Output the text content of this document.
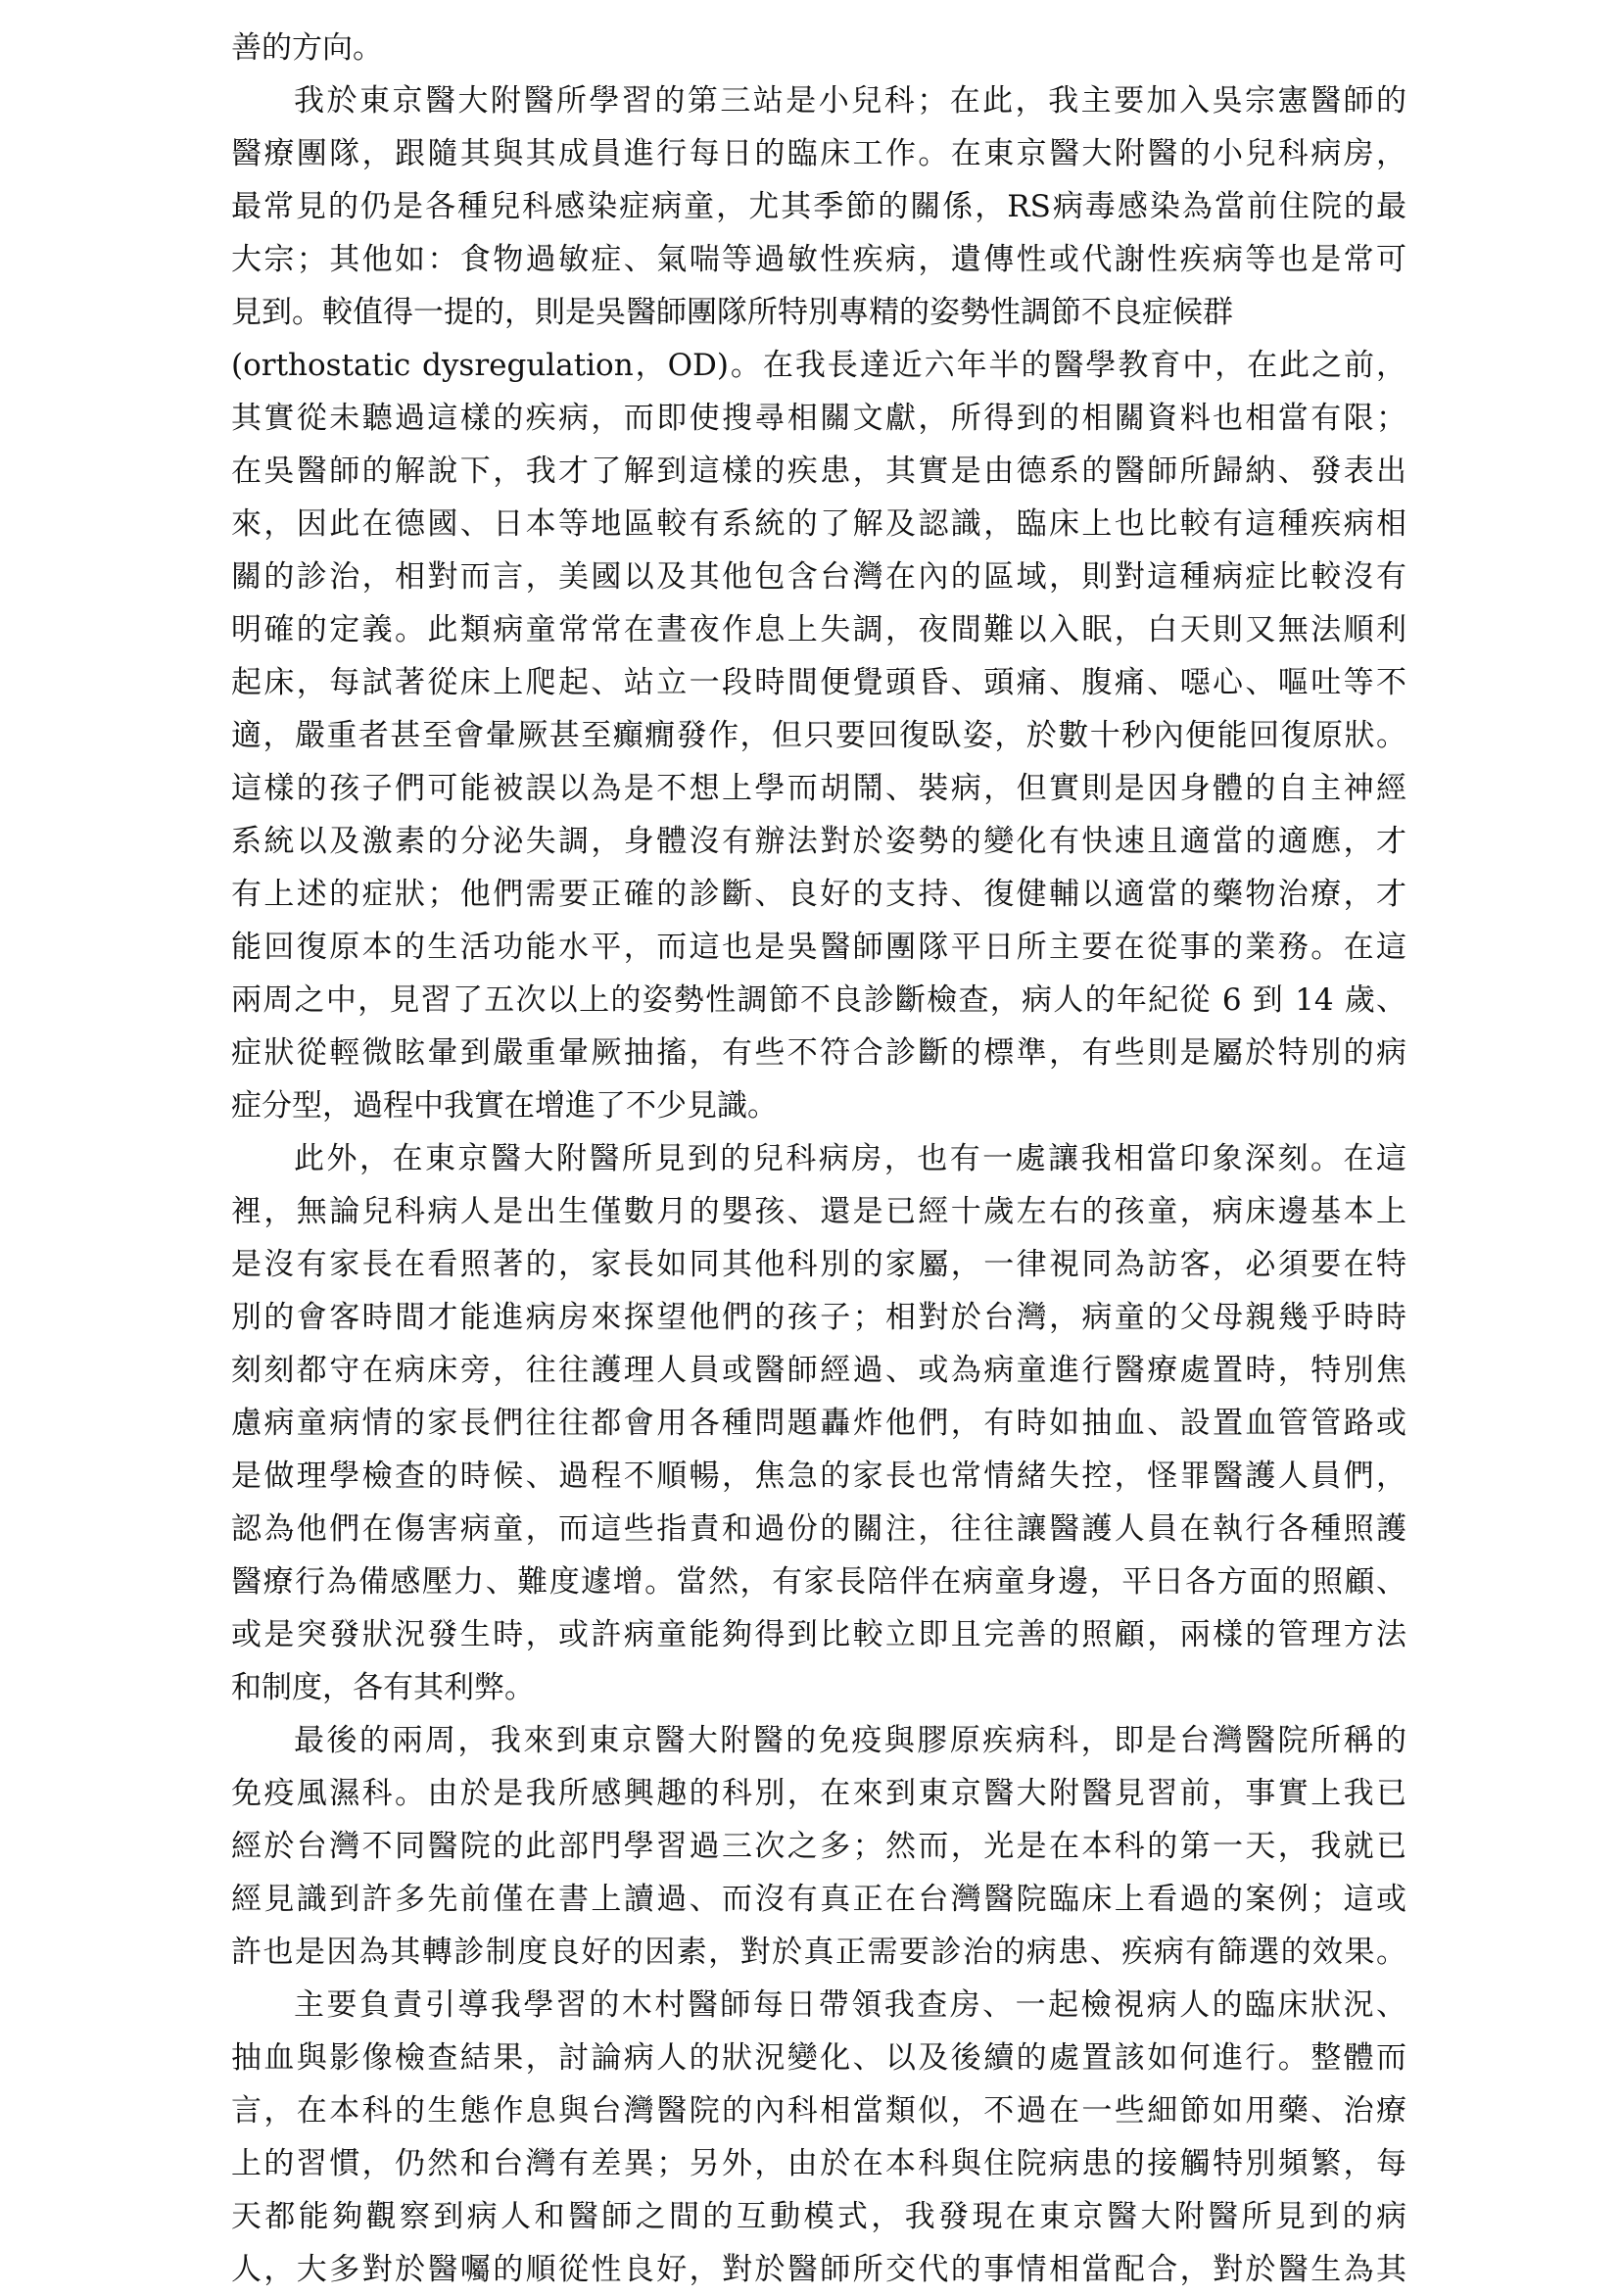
善的方向。

我於東京醫大附醫所學習的第三站是小兒科；在此，我主要加入吳宗憲醫師的

醫療團隊，跟隨其與其成員進行每日的臨床工作。在東京醫大附醫的小兒科病房，

最常見的仍是各種兒科感染症病童，尤其季節的關係，RS病毒感染為當前住院的最

大宗；其他如：食物過敏症、氣喘等過敏性疾病，遺傳性或代謝性疾病等也是常可

見到。較值得一提的，則是吳醫師團隊所特別專精的姿勢性調節不良症候群

(orthostatic dysregulation，OD)。在我長達近六年半的醫學教育中，在此之前，

其實從未聽過這樣的疾病，而即使搜尋相關文獻，所得到的相關資料也相當有限；

在吳醫師的解說下，我才了解到這樣的疾患，其實是由德系的醫師所歸納、發表出

來，因此在德國、日本等地區較有系統的了解及認識，臨床上也比較有這種疾病相

關的診治，相對而言，美國以及其他包含台灣在內的區域，則對這種病症比較沒有

明確的定義。此類病童常常在晝夜作息上失調，夜間難以入眠，白天則又無法順利

起床，每試著從床上爬起、站立一段時間便覺頭昏、頭痛、腹痛、噁心、嘔吐等不

適，嚴重者甚至會暈厥甚至癲癇發作，但只要回復臥姿，於數十秒內便能回復原狀。

這樣的孩子們可能被誤以為是不想上學而胡鬧、裝病，但實則是因身體的自主神經

系統以及激素的分泌失調，身體沒有辦法對於姿勢的變化有快速且適當的適應，才

有上述的症狀；他們需要正確的診斷、良好的支持、復健輔以適當的藥物治療，才

能回復原本的生活功能水平，而這也是吳醫師團隊平日所主要在從事的業務。在這

兩周之中，見習了五次以上的姿勢性調節不良診斷檢查，病人的年紀從 6 到 14 歲、

症狀從輕微眩暈到嚴重暈厥抽搐，有些不符合診斷的標準，有些則是屬於特別的病

症分型，過程中我實在增進了不少見識。

此外，在東京醫大附醫所見到的兒科病房，也有一處讓我相當印象深刻。在這

裡，無論兒科病人是出生僅數月的嬰孩、還是已經十歲左右的孩童，病床邊基本上

是沒有家長在看照著的，家長如同其他科別的家屬，一律視同為訪客，必須要在特

別的會客時間才能進病房來探望他們的孩子；相對於台灣，病童的父母親幾乎時時

刻刻都守在病床旁，往往護理人員或醫師經過、或為病童進行醫療處置時，特別焦

慮病童病情的家長們往往都會用各種問題轟炸他們，有時如抽血、設置血管管路或

是做理學檢查的時候、過程不順暢，焦急的家長也常情緒失控，怪罪醫護人員們，

認為他們在傷害病童，而這些指責和過份的關注，往往讓醫護人員在執行各種照護

醫療行為備感壓力、難度遽增。當然，有家長陪伴在病童身邊，平日各方面的照顧、

或是突發狀況發生時，或許病童能夠得到比較立即且完善的照顧，兩樣的管理方法

和制度，各有其利弊。

最後的兩周，我來到東京醫大附醫的免疫與膠原疾病科，即是台灣醫院所稱的

免疫風濕科。由於是我所感興趣的科別，在來到東京醫大附醫見習前，事實上我已

經於台灣不同醫院的此部門學習過三次之多；然而，光是在本科的第一天，我就已

經見識到許多先前僅在書上讀過、而沒有真正在台灣醫院臨床上看過的案例；這或

許也是因為其轉診制度良好的因素，對於真正需要診治的病患、疾病有篩選的效果。

主要負責引導我學習的木村醫師每日帶領我查房、一起檢視病人的臨床狀況、

抽血與影像檢查結果，討論病人的狀況變化、以及後續的處置該如何進行。整體而

言，在本科的生態作息與台灣醫院的內科相當類似，不過在一些細節如用藥、治療

上的習慣，仍然和台灣有差異；另外，由於在本科與住院病患的接觸特別頻繁，每

天都能夠觀察到病人和醫師之間的互動模式，我發現在東京醫大附醫所見到的病

人，大多對於醫囑的順從性良好，對於醫師所交代的事情相當配合，對於醫生為其
